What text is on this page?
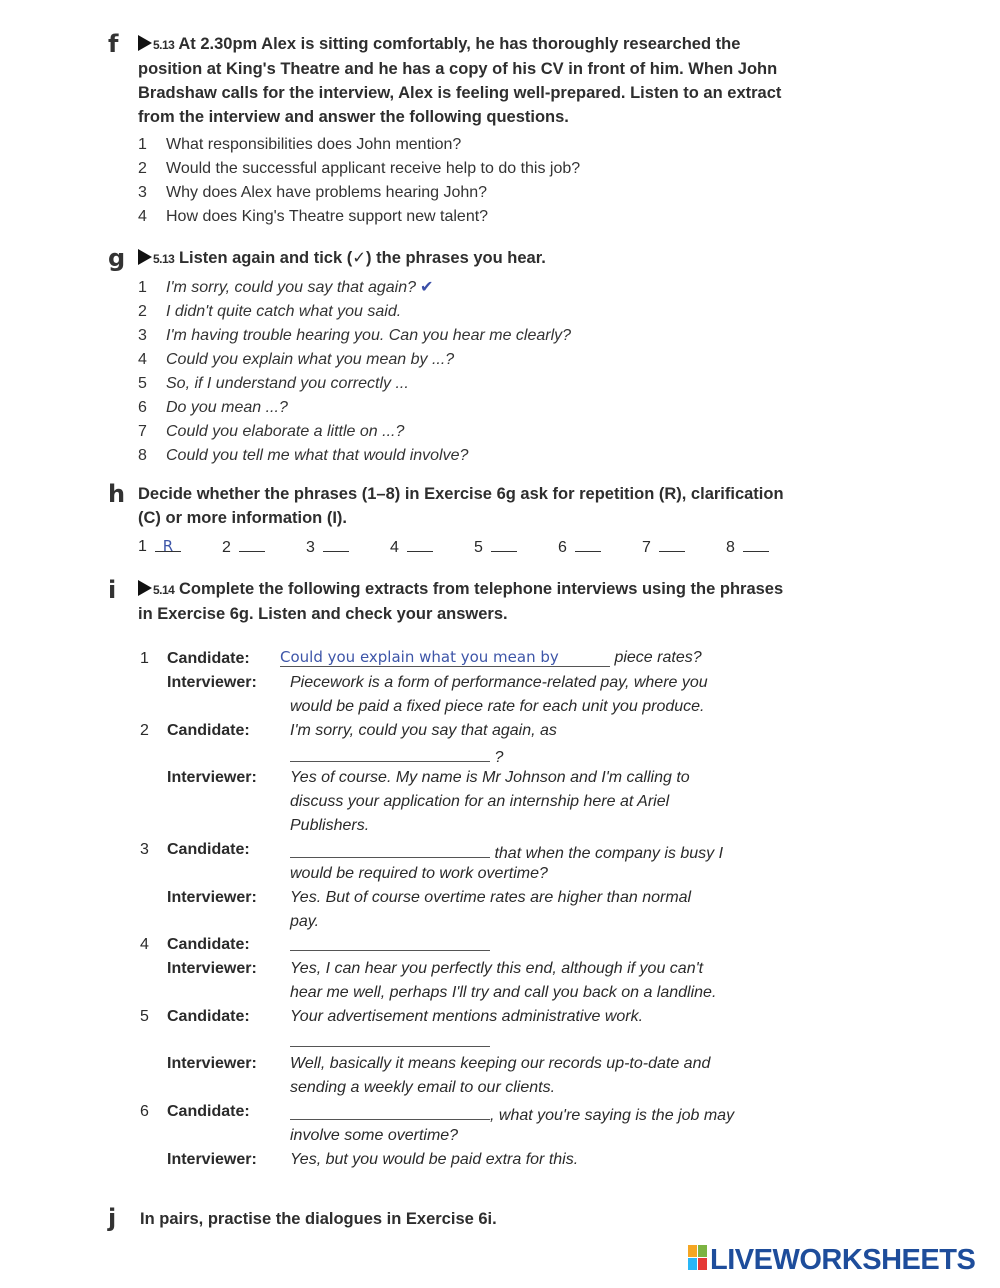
f	5.13 At 2.30pm Alex is sitting comfortably, he has thoroughly researched the position at King's Theatre and he has a copy of his CV in front of him. When John Bradshaw calls for the interview, Alex is feeling well-prepared. Listen to an extract from the interview and answer the following questions.
1 What responsibilities does John mention?
2 Would the successful applicant receive help to do this job?
3 Why does Alex have problems hearing John?
4 How does King's Theatre support new talent?
g	5.13 Listen again and tick (✓) the phrases you hear.
1 I'm sorry, could you say that again? ✔
2 I didn't quite catch what you said.
3 I'm having trouble hearing you. Can you hear me clearly?
4 Could you explain what you mean by ...?
5 So, if I understand you correctly ...
6 Do you mean ...?
7 Could you elaborate a little on ...?
8 Could you tell me what that would involve?
h Decide whether the phrases (1–8) in Exercise 6g ask for repetition (R), clarification (C) or more information (I).
1 R	2	3	4	5	6	7	8
i	5.14 Complete the following extracts from telephone interviews using the phrases in Exercise 6g. Listen and check your answers.
1 Candidate: Could you explain what you mean by	piece rates?
Interviewer: Piecework is a form of performance-related pay, where you
would be paid a fixed piece rate for each unit you produce.
2 Candidate:	I'm sorry, could you say that again, as
?
Interviewer: Yes of course. My name is Mr Johnson and I'm calling to
discuss your application for an internship here at Ariel
Publishers.
3 Candidate:	that when the company is busy I
would be required to work overtime?
Interviewer: Yes. But of course overtime rates are higher than normal
pay.
4 Candidate:
Interviewer: Yes, I can hear you perfectly this end, although if you can't
hear me well, perhaps I'll try and call you back on a landline.
5 Candidate:	Your advertisement mentions administrative work.
Interviewer: Well, basically it means keeping our records up-to-date and
sending a weekly email to our clients.
6 Candidate:	, what you're saying is the job may
involve some overtime?
Interviewer: Yes, but you would be paid extra for this.
j In pairs, practise the dialogues in Exercise 6i.
LIVEWORKSHEETS
